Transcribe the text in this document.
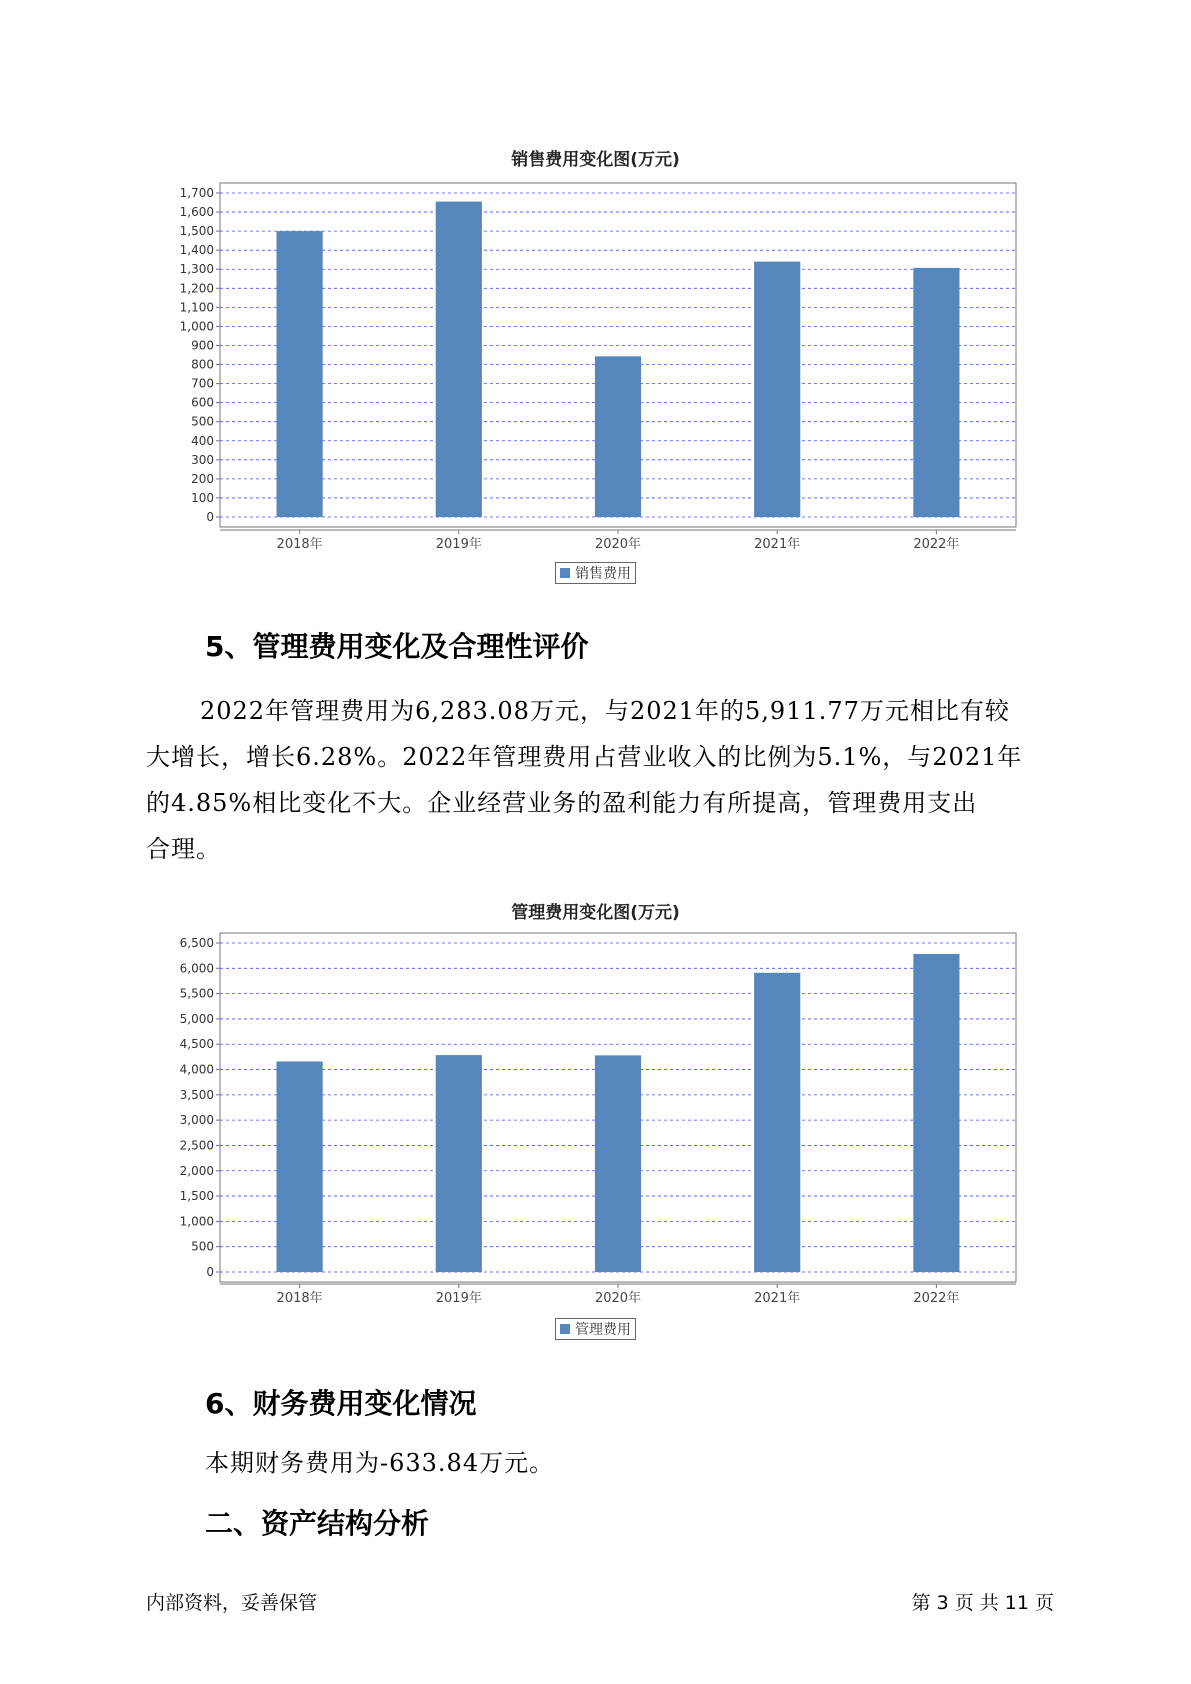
销售费用变化图(万元)
0
100
200
300
400
500
600
700
800
900
1,000
1,100
1,200
1,300
1,400
1,500
1,600
1,700
2018年	2019年	2020年	2021年	2022年
销售费用
5、管理费用变化及合理性评价
2022年管理费用为6,283.08万元，与2021年的5,911.77万元相比有较
大增长，增长6.28%。2022年管理费用占营业收入的比例为5.1%，与2021年
的4.85%相比变化不大。企业经营业务的盈利能力有所提高，管理费用支出
合理。
管理费用变化图(万元)
0
500
1,000
1,500
2,000
2,500
3,000
3,500
4,000
4,500
5,000
5,500
6,000
6,500
2018年	2019年	2020年	2021年	2022年
管理费用
6、财务费用变化情况
本期财务费用为-633.84万元。
二、资产结构分析
内部资料，妥善保管	第 3 页 共 11 页
